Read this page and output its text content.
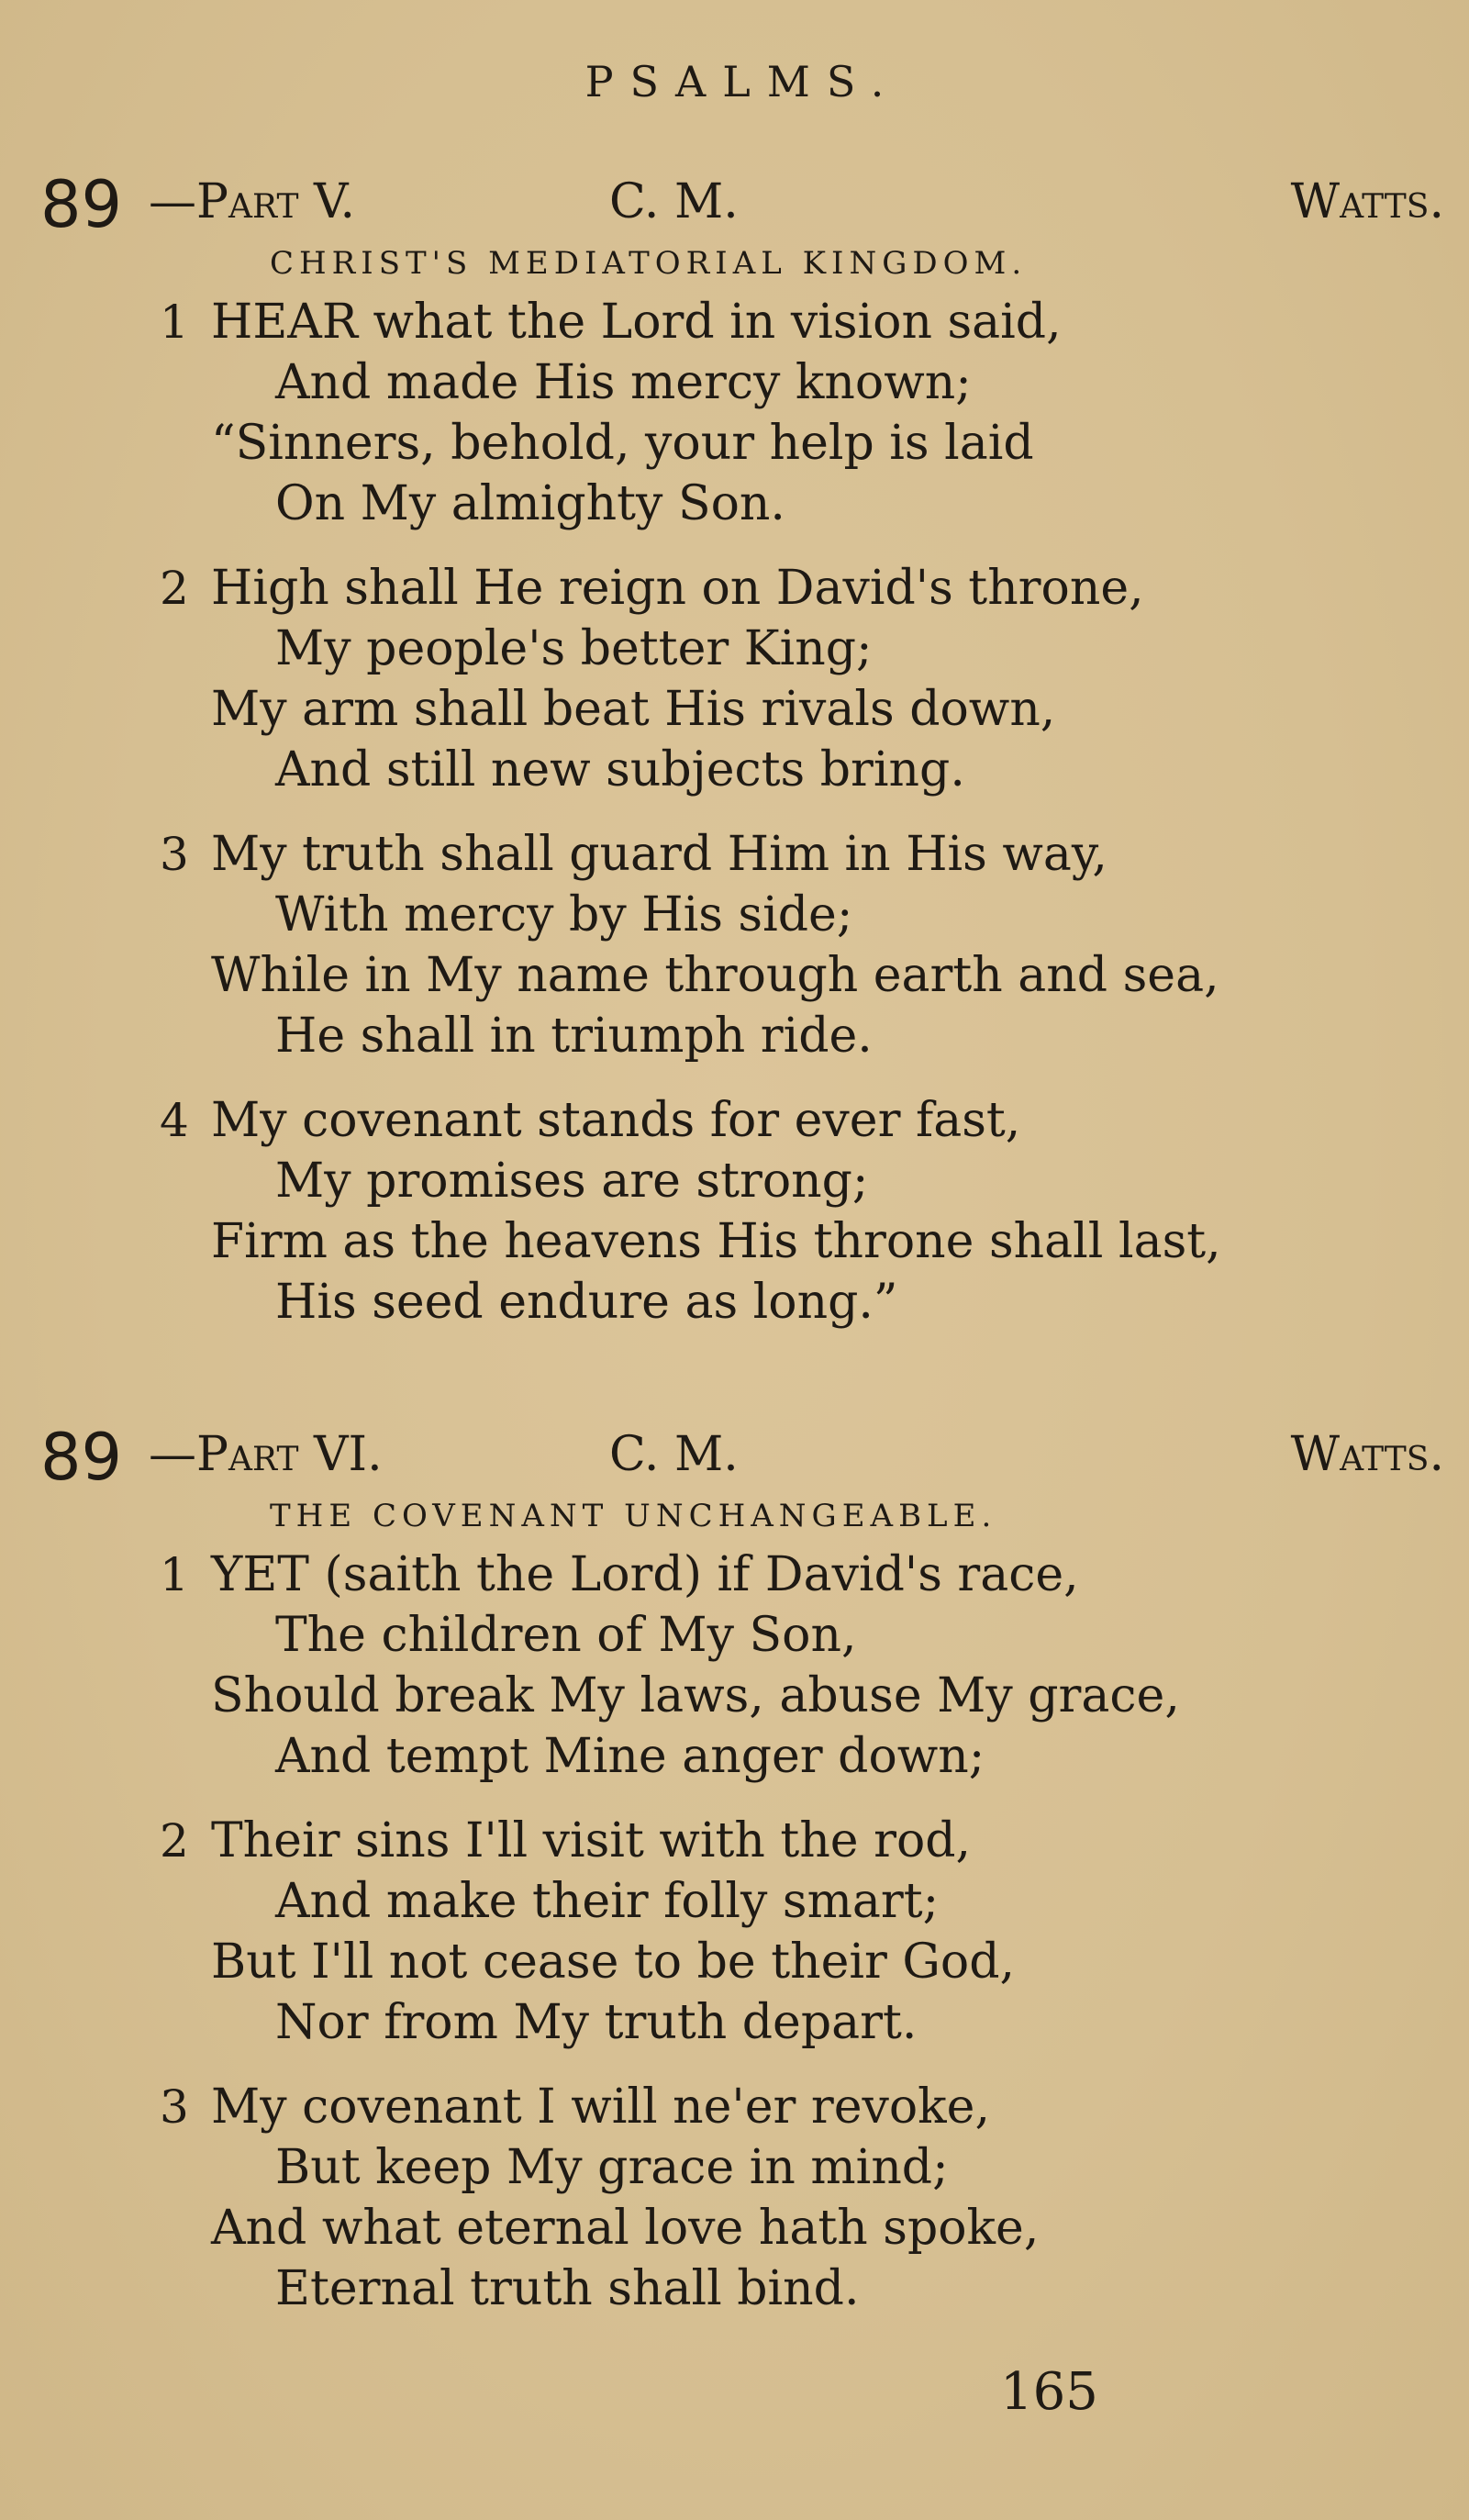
PSALMS.
89 —Part V.	C. M.	Watts.
CHRIST'S MEDIATORIAL KINGDOM.
1 HEAR what the Lord in vision said,
And made His mercy known;
“Sinners, behold, your help is laid
On My almighty Son.
2 High shall He reign on David's throne,
My people's better King;
My arm shall beat His rivals down,
And still new subjects bring.
3 My truth shall guard Him in His way,
With mercy by His side;
While in My name through earth and sea,
He shall in triumph ride.
4 My covenant stands for ever fast,
My promises are strong;
Firm as the heavens His throne shall last,
His seed endure as long.”
89 —Part VI.	C. M.	Watts.
THE COVENANT UNCHANGEABLE.
1 YET (saith the Lord) if David's race,
The children of My Son,
Should break My laws, abuse My grace,
And tempt Mine anger down;
2 Their sins I'll visit with the rod,
And make their folly smart;
But I'll not cease to be their God,
Nor from My truth depart.
3 My covenant I will ne'er revoke,
But keep My grace in mind;
And what eternal love hath spoke,
Eternal truth shall bind.
165
